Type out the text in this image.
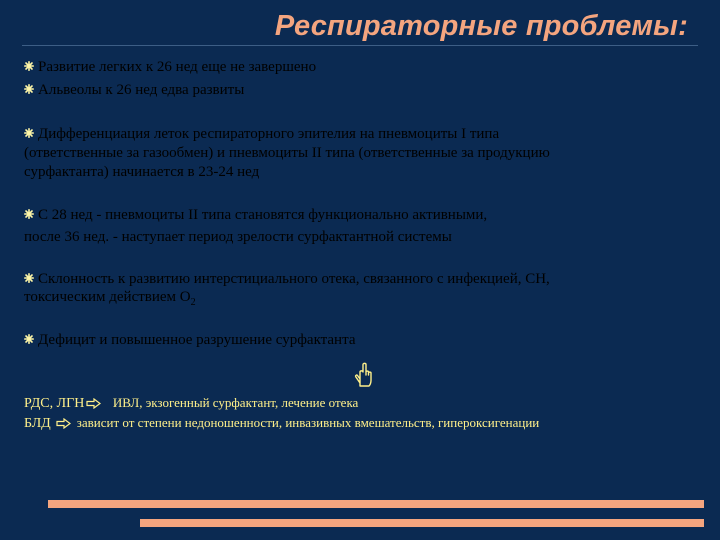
Респираторные проблемы:
Развитие легких к 26 нед еще не завершено
Альвеолы к 26 нед едва развиты
Дифференциация леток респираторного эпителия на пневмоциты I типа
(ответственные за газообмен) и пневмоциты II типа (ответственные за продукцию
сурфактанта) начинается в 23-24 нед
С 28 нед - пневмоциты II типа становятся функционально активными,
после 36 нед. - наступает период зрелости сурфактантной системы
Склонность к развитию интерстициального отека, связанного с инфекцией, СН,
токсическим действием $О_2$
Дефицит и повышенное разрушение сурфактанта
РДС, ЛГН ИВЛ, экзогенный сурфактант, лечение отека
БЛД зависит от степени недоношенности, инвазивных вмешательств, гипероксигенации
